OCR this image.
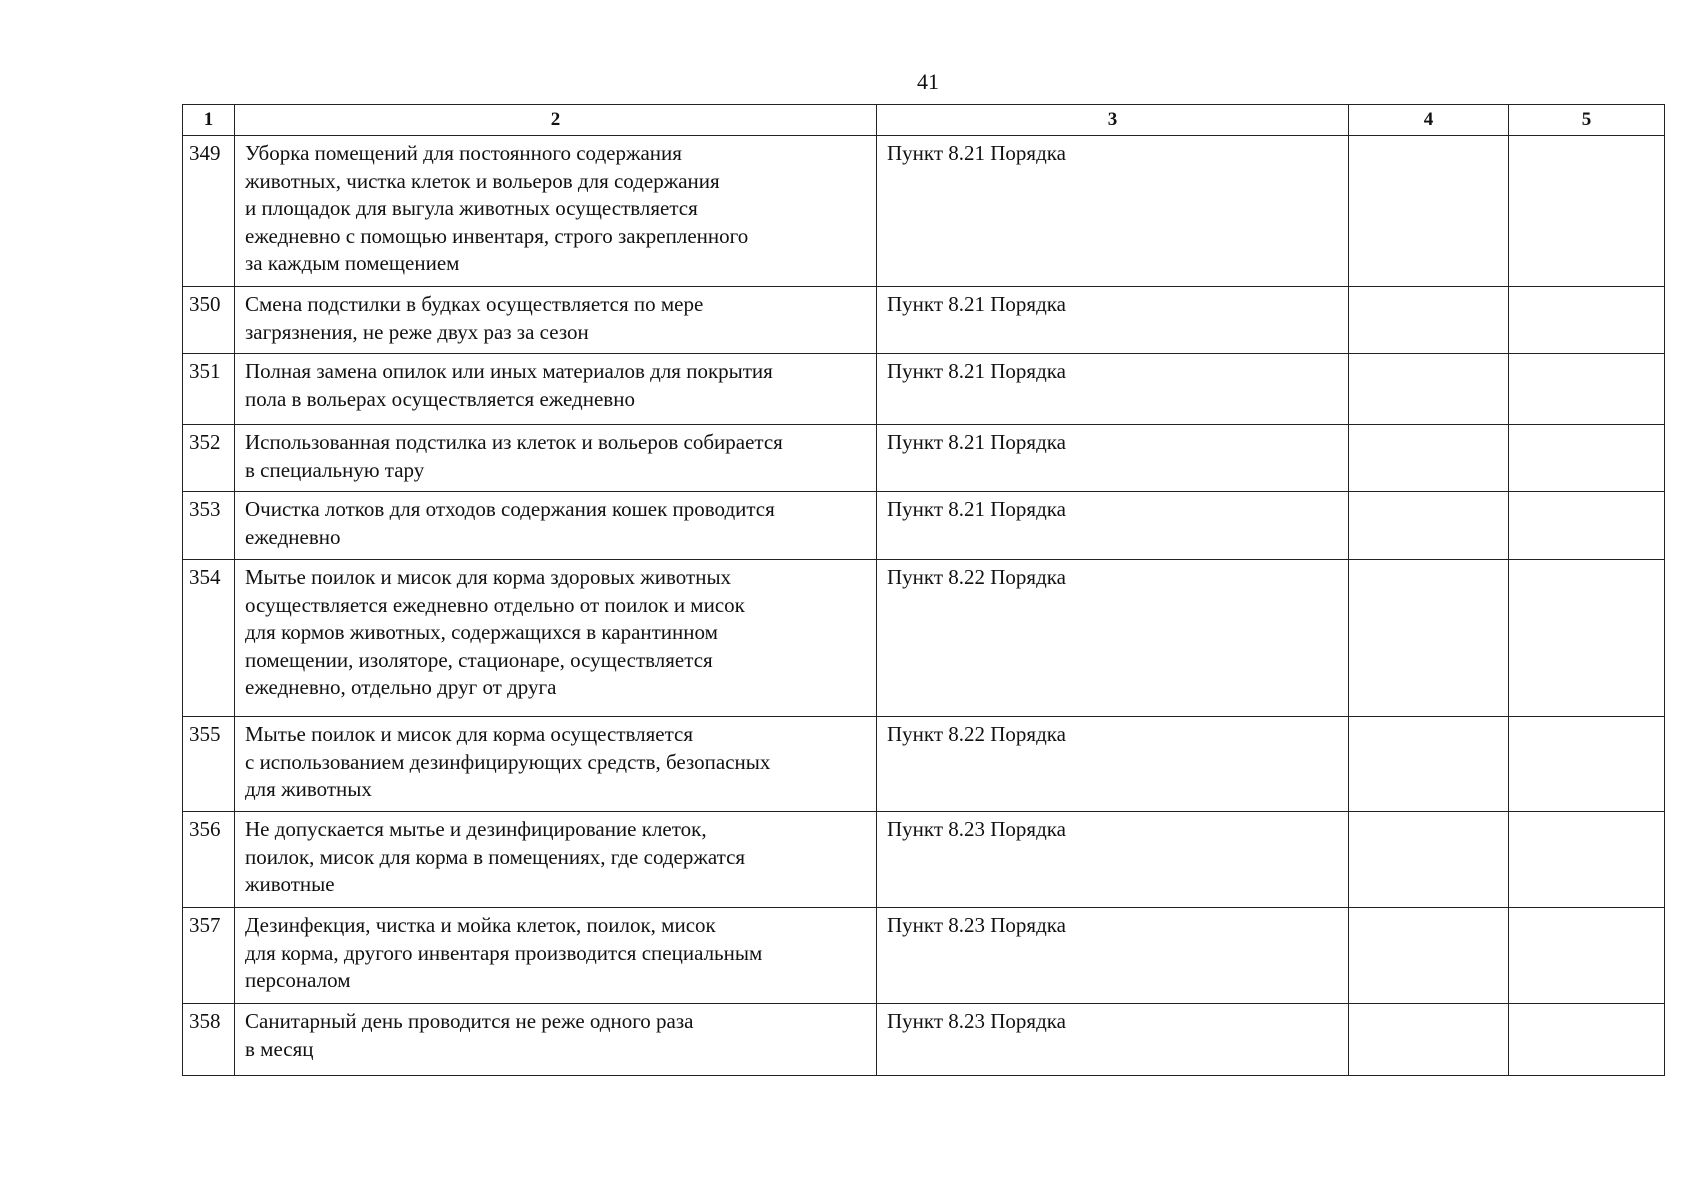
41
1	2	3	4	5
349	Уборка помещений для постоянного содержания
животных, чистка клеток и вольеров для содержания
и площадок для выгула животных осуществляется
ежедневно с помощью инвентаря, строго закрепленного
за каждым помещением	Пункт 8.21 Порядка		
350	Смена подстилки в будках осуществляется по мере
загрязнения, не реже двух раз за сезон	Пункт 8.21 Порядка		
351	Полная замена опилок или иных материалов для покрытия
пола в вольерах осуществляется ежедневно	Пункт 8.21 Порядка		
352	Использованная подстилка из клеток и вольеров собирается
в специальную тару	Пункт 8.21 Порядка		
353	Очистка лотков для отходов содержания кошек проводится
ежедневно	Пункт 8.21 Порядка		
354	Мытье поилок и мисок для корма здоровых животных
осуществляется ежедневно отдельно от поилок и мисок
для кормов животных, содержащихся в карантинном
помещении, изоляторе, стационаре, осуществляется
ежедневно, отдельно друг от друга	Пункт 8.22 Порядка		
355	Мытье поилок и мисок для корма осуществляется
с использованием дезинфицирующих средств, безопасных
для животных	Пункт 8.22 Порядка		
356	Не допускается мытье и дезинфицирование клеток,
поилок, мисок для корма в помещениях, где содержатся
животные	Пункт 8.23 Порядка		
357	Дезинфекция, чистка и мойка клеток, поилок, мисок
для корма, другого инвентаря производится специальным
персоналом	Пункт 8.23 Порядка		
358	Санитарный день проводится не реже одного раза
в месяц	Пункт 8.23 Порядка		
